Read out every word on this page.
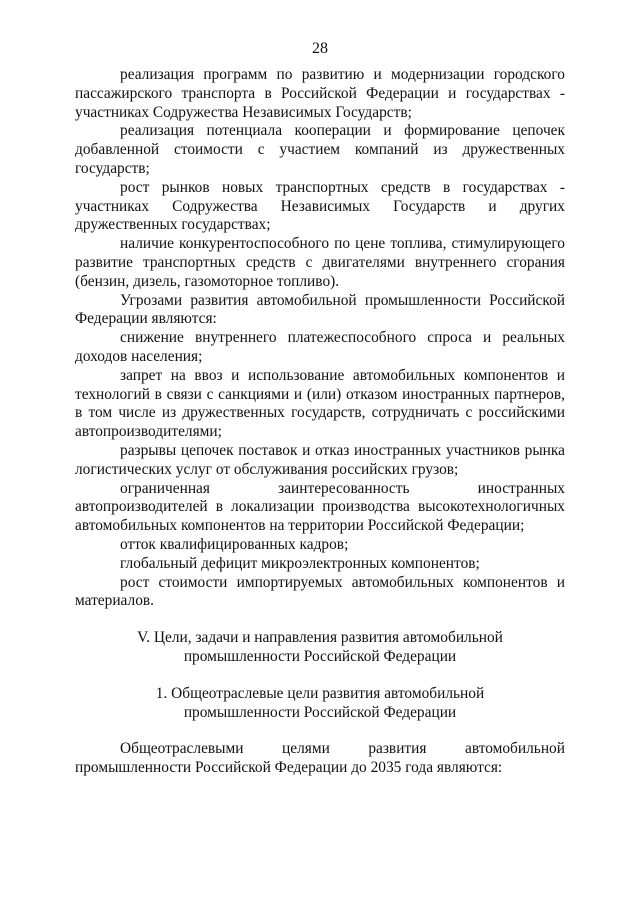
28

реализация программ по развитию и модернизации городского пассажирского транспорта в Российской Федерации и государствах - участниках Содружества Независимых Государств;

реализация потенциала кооперации и формирование цепочек добавленной стоимости с участием компаний из дружественных государств;

рост рынков новых транспортных средств в государствах - участниках Содружества Независимых Государств и других дружественных государствах;

наличие конкурентоспособного по цене топлива, стимулирующего развитие транспортных средств с двигателями внутреннего сгорания (бензин, дизель, газомоторное топливо).

Угрозами развития автомобильной промышленности Российской Федерации являются:

снижение внутреннего платежеспособного спроса и реальных доходов населения;

запрет на ввоз и использование автомобильных компонентов и технологий в связи с санкциями и (или) отказом иностранных партнеров, в том числе из дружественных государств, сотрудничать с российскими автопроизводителями;

разрывы цепочек поставок и отказ иностранных участников рынка логистических услуг от обслуживания российских грузов;

ограниченная заинтересованность иностранных автопроизводителей в локализации производства высокотехнологичных автомобильных компонентов на территории Российской Федерации;

отток квалифицированных кадров;

глобальный дефицит микроэлектронных компонентов;

рост стоимости импортируемых автомобильных компонентов и материалов.

V. Цели, задачи и направления развития автомобильной

промышленности Российской Федерации

1. Общеотраслевые цели развития автомобильной

промышленности Российской Федерации

Общеотраслевыми целями развития автомобильной промышленности Российской Федерации до 2035 года являются:
